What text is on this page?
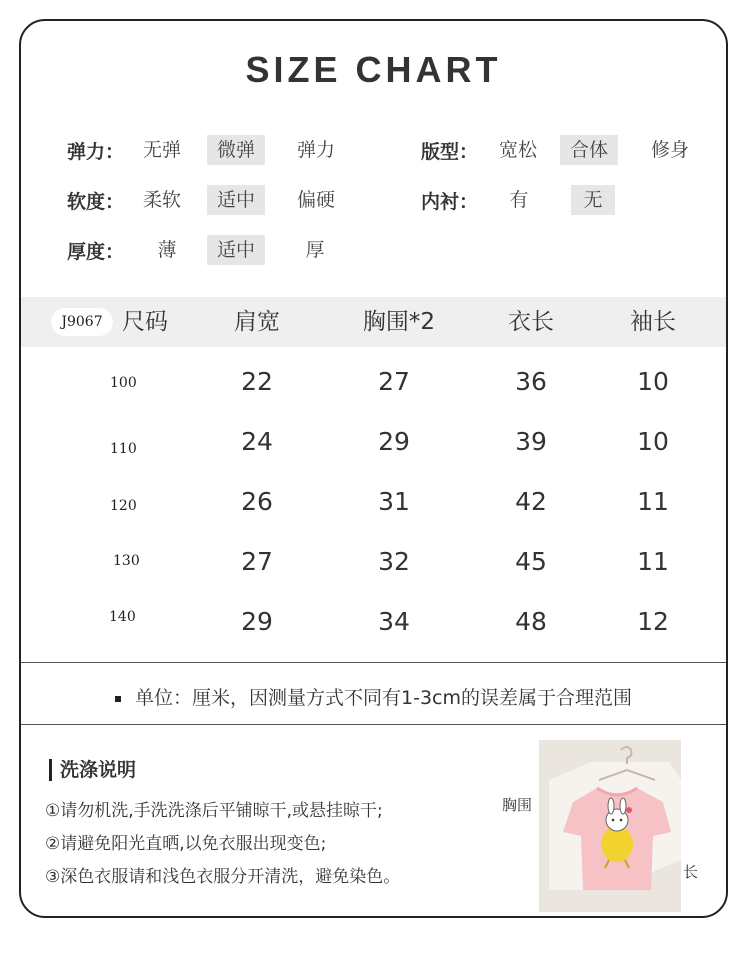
SIZE CHART
弹力： 无弹	微弹	弹力
软度： 柔软	适中	偏硬
厚度：	薄	适中	厚
版型：	宽松	合体	修身
内衬：	有	无
J9067 尺码	肩宽	胸围*2	衣长	袖长
100	22	27	36	10
110	24	29	39	10
120	26	31	42	11
130	27	32	45	11
140	29	34	48	12
单位：厘米，因测量方式不同有1-3cm的误差属于合理范围
洗涤说明
①请勿机洗,手洗洗涤后平铺晾干,或悬挂晾干;
②请避免阳光直晒,以免衣服出现变色;
③深色衣服请和浅色衣服分开清洗，避免染色。
胸围
长
